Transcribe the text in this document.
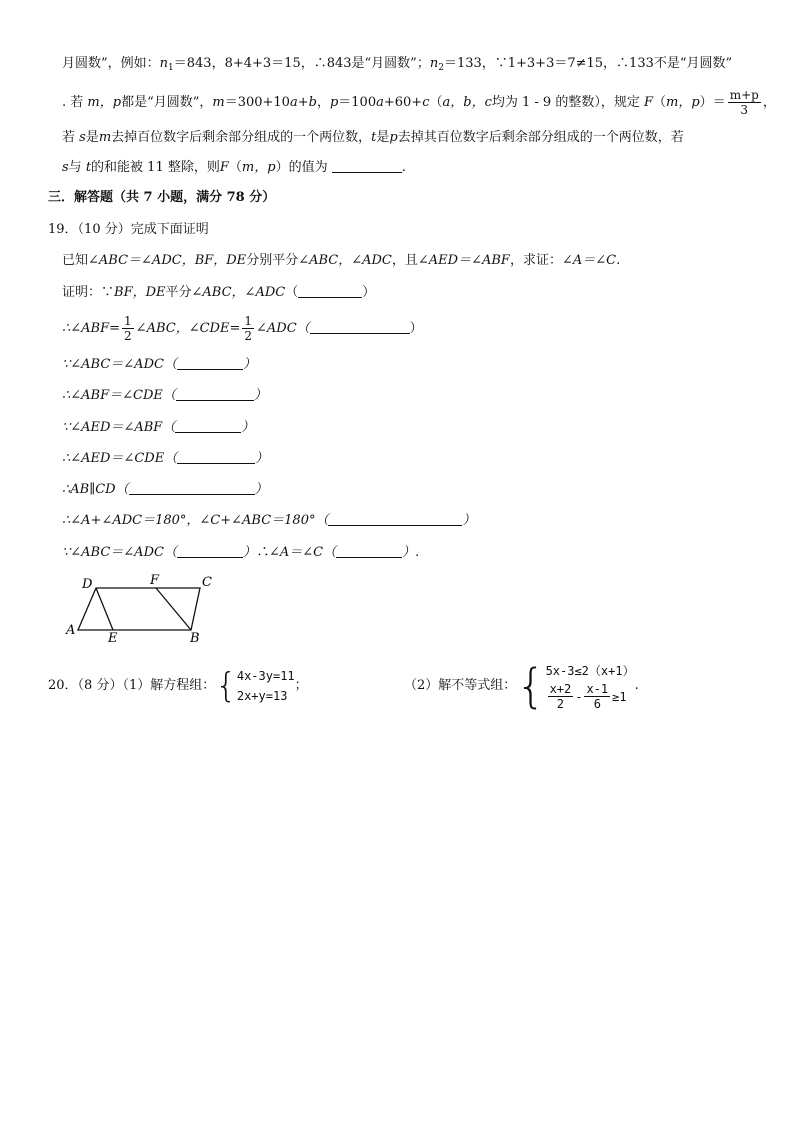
月圆数”，例如：$n_1=843$，8+4+3＝15，∴843是“月圆数”；$n_2=133$，∵1+3+3＝7≠15，∴133不是“月圆数”
. 若 m，p都是“月圆数”，m＝300+10a+b，p＝100a+60+c（a，b，c均为 1 - 9 的整数），规定 F（m，$p)= \frac{m+p}{3}$ ，
若 s是m去掉百位数字后剩余部分组成的一个两位数，t是p去掉其百位数字后剩余部分组成的一个两位数，若
s与 t的和能被 11 整除，则F（m，p）的值为	.
三．解答题（共 7 小题，满分 78 分）
19．（10 分）完成下面证明
已知∠ABC＝∠ADC，BF，DE分别平分∠ABC，∠ADC，且∠AED＝∠ABF，求证：∠A＝∠C.
证明：∵BF，DE平分∠ABC，∠ADC（	）
∴∠ABF= $\frac{1}{2}$ ∠ABC，∠CDE= $\frac{1}{2}$ ∠ADC（	）
∵∠ABC＝∠ADC（	）
∴∠ABF＝∠CDE（	）
∵∠AED＝∠ABF（	）
∴∠AED＝∠CDE（	）
∴AB∥CD（	）
∴∠A+∠ADC＝180°，∠C+∠ABC＝180°（	）
∵∠ABC＝∠ADC（	）∴∠A＝∠C（	）.
A
B
C
D
E
F
20．（8 分）（1）解方程组： { 4x-3y=11
2x+y=13
；	（2）解不等式组： { 5x-3≤2（x+1）
$\frac{x+2}{2} - \frac{x-1}{6} \ge 1$
.
